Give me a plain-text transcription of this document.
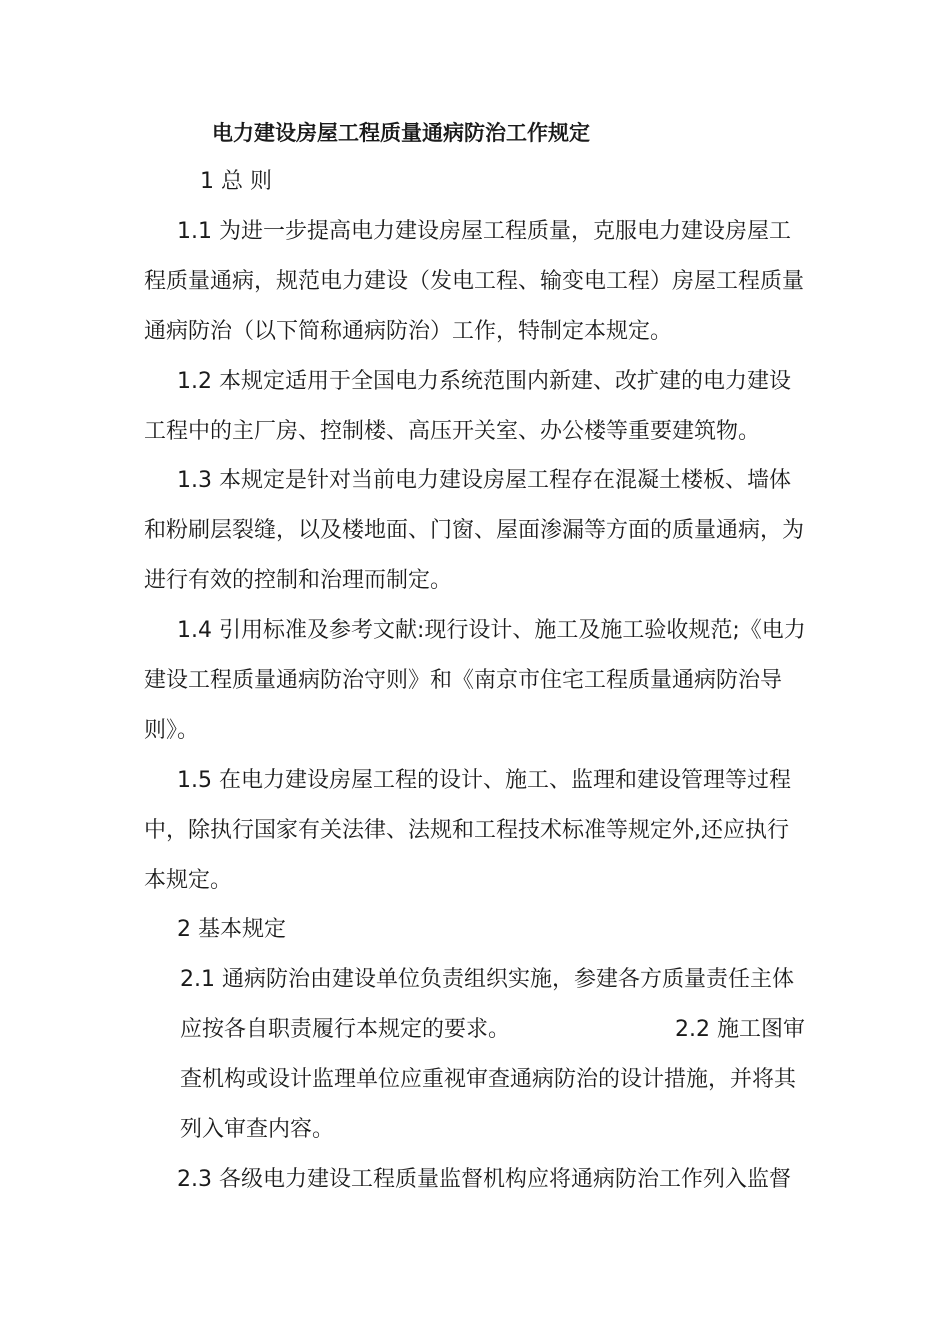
电力建设房屋工程质量通病防治工作规定
1 总 则
1.1 为进一步提高电力建设房屋工程质量，克服电力建设房屋工
程质量通病，规范电力建设（发电工程、输变电工程）房屋工程质量
通病防治（以下简称通病防治）工作，特制定本规定。
1.2 本规定适用于全国电力系统范围内新建、改扩建的电力建设
工程中的主厂房、控制楼、高压开关室、办公楼等重要建筑物。
1.3 本规定是针对当前电力建设房屋工程存在混凝土楼板、墙体
和粉刷层裂缝，以及楼地面、门窗、屋面渗漏等方面的质量通病，为
进行有效的控制和治理而制定。
1.4 引用标准及参考文献:现行设计、施工及施工验收规范;《电力
建设工程质量通病防治守则》和《南京市住宅工程质量通病防治导
则》。
1.5 在电力建设房屋工程的设计、施工、监理和建设管理等过程
中，除执行国家有关法律、法规和工程技术标准等规定外,还应执行
本规定。
2 基本规定
2.1 通病防治由建设单位负责组织实施，参建各方质量责任主体
应按各自职责履行本规定的要求。	2.2 施工图审
查机构或设计监理单位应重视审查通病防治的设计措施，并将其
列入审查内容。
2.3 各级电力建设工程质量监督机构应将通病防治工作列入监督
